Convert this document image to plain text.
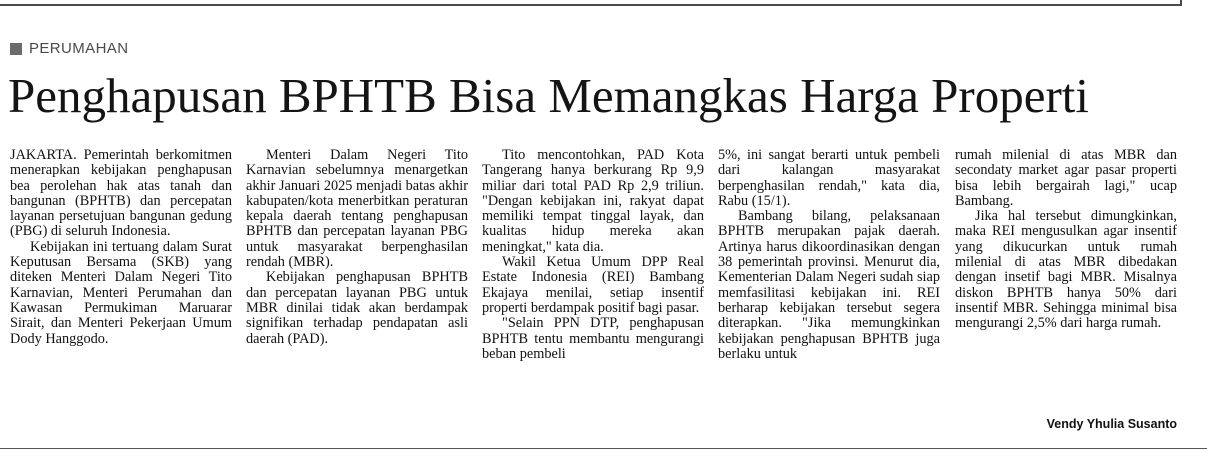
PERUMAHAN
Penghapusan BPHTB Bisa Memangkas Harga Properti

JAKARTA. Pemerintah berkomitmen menerapkan kebijakan penghapusan bea perolehan hak atas tanah dan bangunan (BPHTB) dan percepatan layanan persetujuan bangunan gedung (PBG) di seluruh Indonesia.

Kebijakan ini tertuang dalam Surat Keputusan Bersama (SKB) yang diteken Menteri Dalam Negeri Tito Karnavian, Menteri Perumahan dan Kawasan Permukiman Maruarar Sirait, dan Menteri Pekerjaan Umum Dody Hanggodo.

Menteri Dalam Negeri Tito Karnavian sebelumnya menargetkan akhir Januari 2025 menjadi batas akhir kabupaten/kota menerbitkan peraturan kepala daerah tentang penghapusan BPHTB dan percepatan layanan PBG untuk masyarakat berpenghasilan rendah (MBR).

Kebijakan penghapusan BPHTB dan percepatan layanan PBG untuk MBR dinilai tidak akan berdampak signifikan terhadap pendapatan asli daerah (PAD).

Tito mencontohkan, PAD Kota Tangerang hanya berkurang Rp 9,9 miliar dari total PAD Rp 2,9 triliun. "Dengan kebijakan ini, rakyat dapat memiliki tempat tinggal layak, dan kualitas hidup mereka akan meningkat," kata dia.

Wakil Ketua Umum DPP Real Estate Indonesia (REI) Bambang Ekajaya menilai, setiap insentif properti berdampak positif bagi pasar.

"Selain PPN DTP, penghapusan BPHTB tentu membantu mengurangi beban pembeli

5%, ini sangat berarti untuk pembeli dari kalangan masyarakat berpenghasilan rendah," kata dia, Rabu (15/1).

Bambang bilang, pelaksanaan BPHTB merupakan pajak daerah. Artinya harus dikoordinasikan dengan 38 pemerintah provinsi. Menurut dia, Kementerian Dalam Negeri sudah siap memfasilitasi kebijakan ini. REI berharap kebijakan tersebut segera diterapkan. "Jika memungkinkan kebijakan penghapusan BPHTB juga berlaku untuk

rumah milenial di atas MBR dan secondaty market agar pasar properti bisa lebih bergairah lagi," ucap Bambang.

Jika hal tersebut dimungkinkan, maka REI mengusulkan agar insentif yang dikucurkan untuk rumah milenial di atas MBR dibedakan dengan insetif bagi MBR. Misalnya diskon BPHTB hanya 50% dari insentif MBR. Sehingga minimal bisa mengurangi 2,5% dari harga rumah.

Vendy Yhulia Susanto
